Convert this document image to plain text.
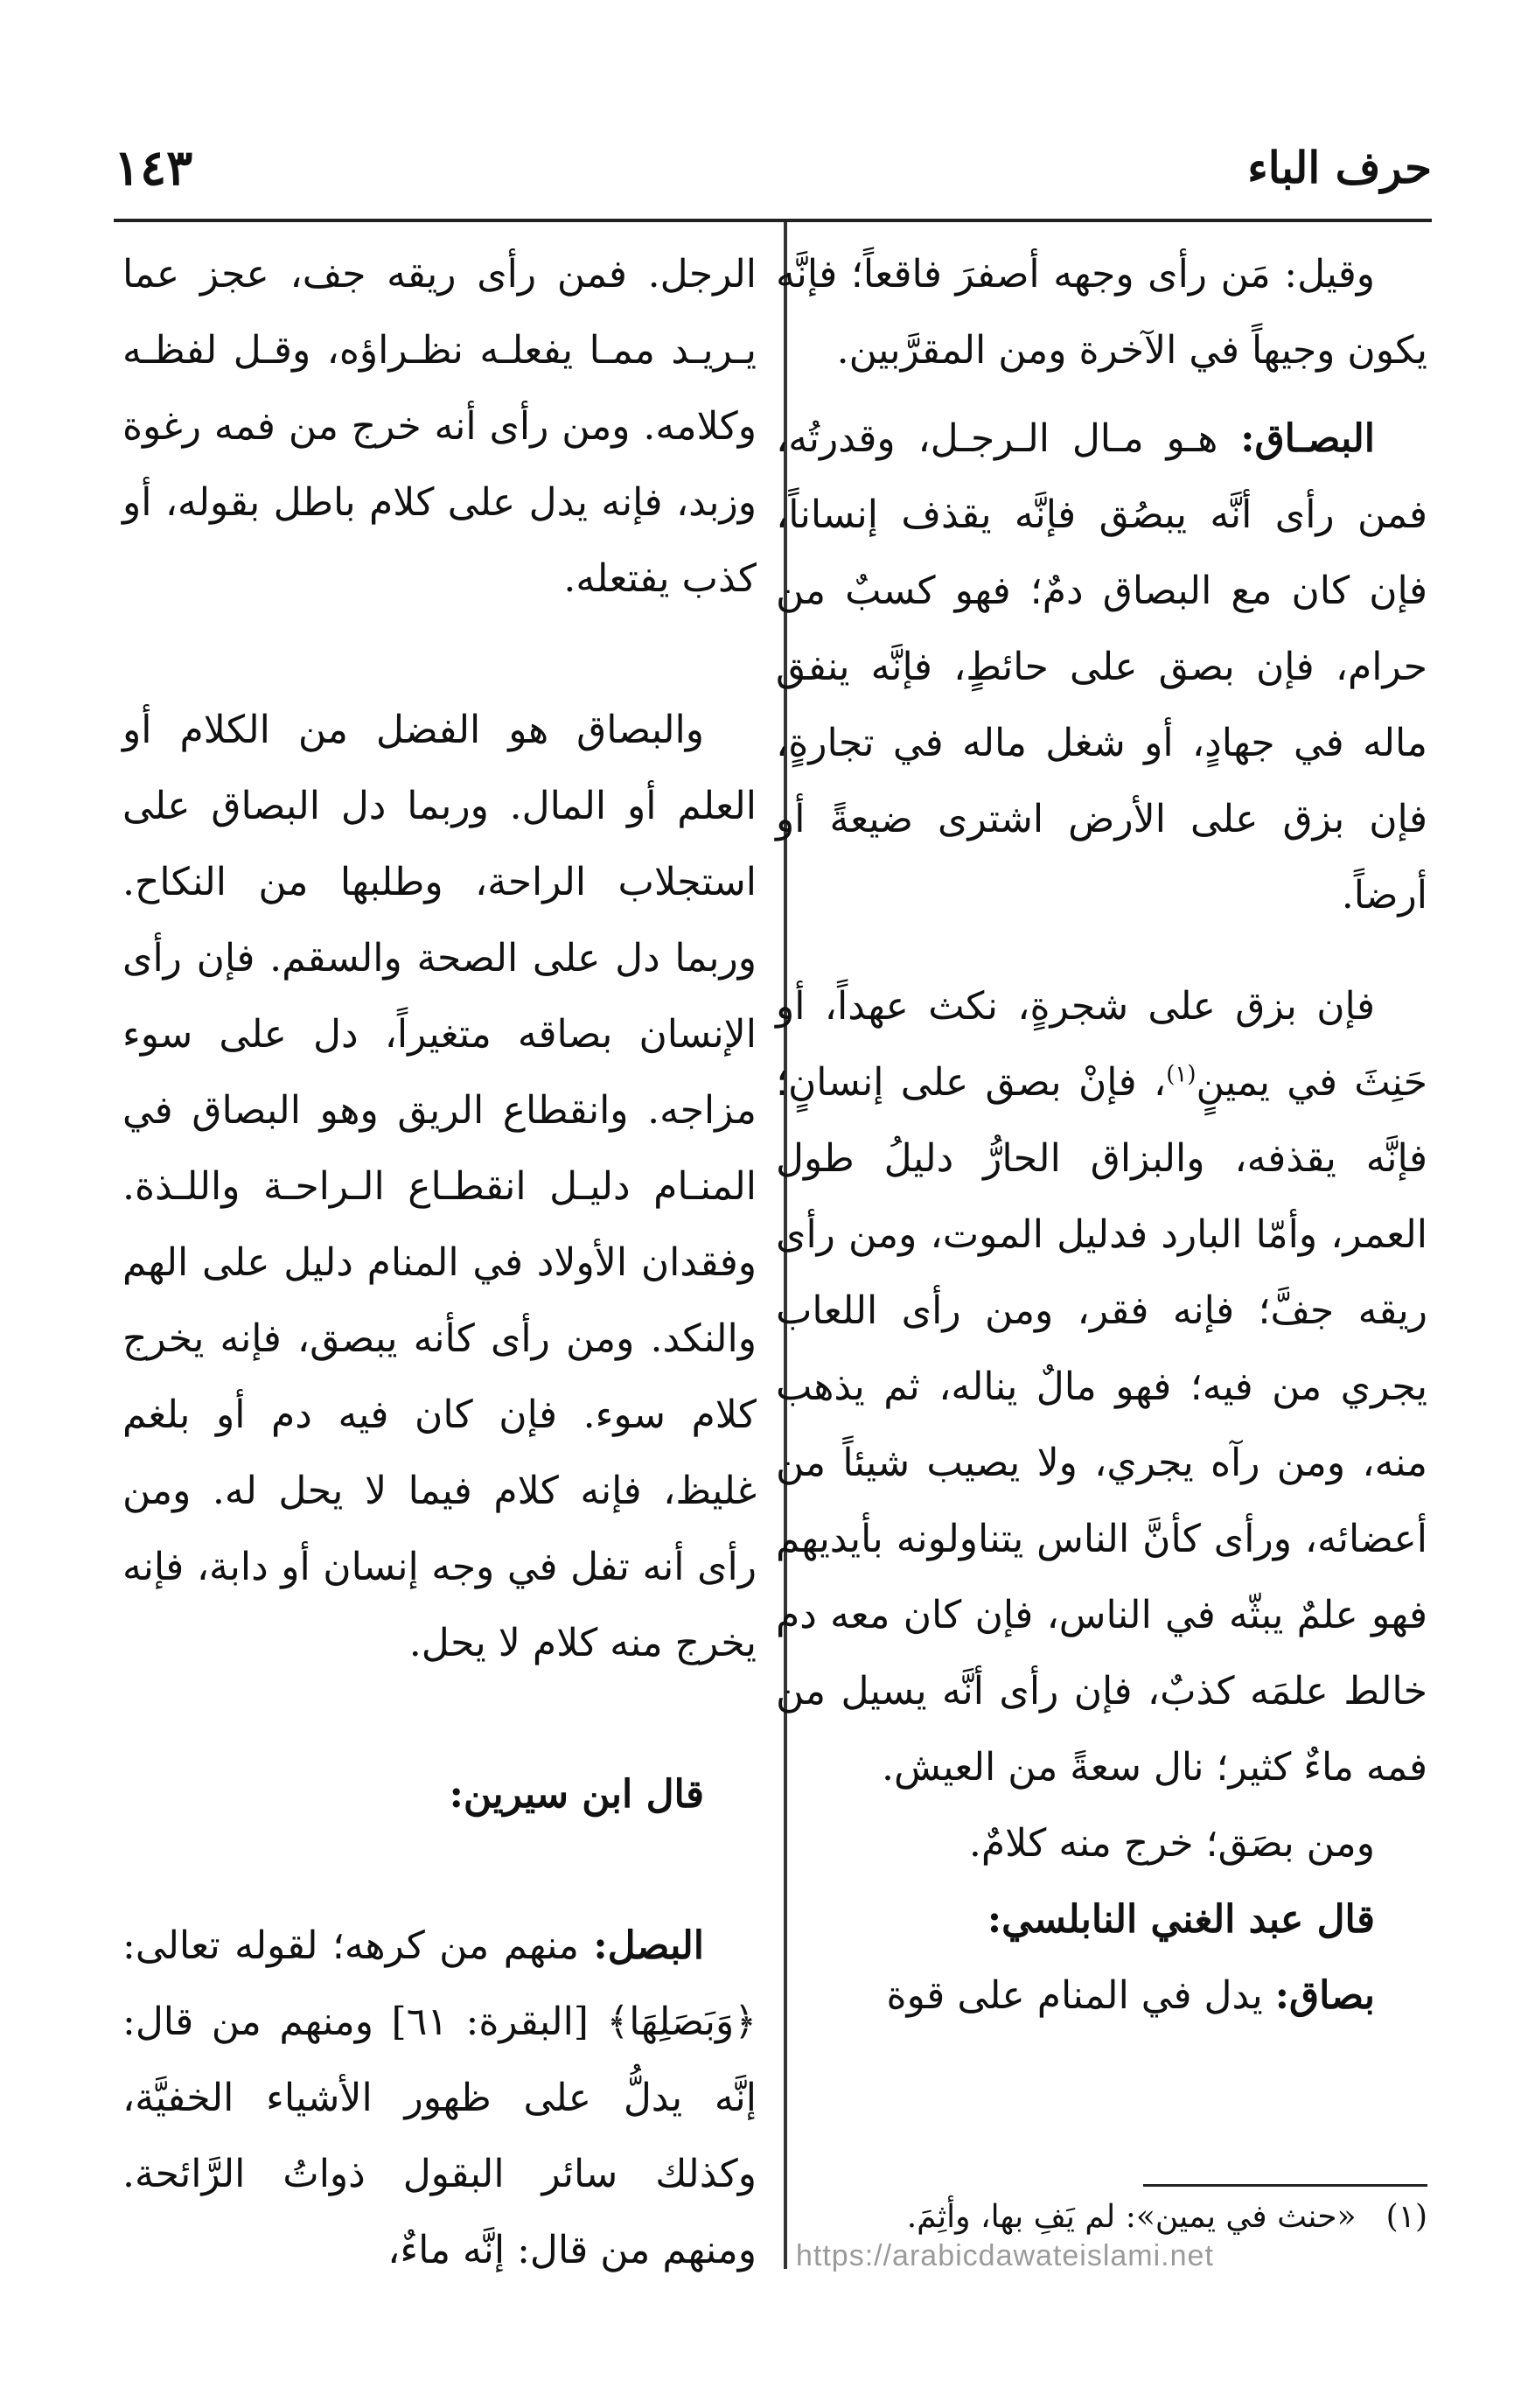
حرف الباء
١٤٣

وقيل: مَن رأى وجهه أصفرَ فاقعاً؛ فإنَّه يكون وجيهاً في الآخرة ومن المقرَّبين.

البصـاق: هـو مـال الـرجـل، وقدرتُه، فمن رأى أنَّه يبصُق فإنَّه يقذف إنساناً، فإن كان مع البصاق دمٌ؛ فهو كسبٌ من حرام، فإن بصق على حائطٍ، فإنَّه ينفق ماله في جهادٍ، أو شغل ماله في تجارةٍ، فإن بزق على الأرض اشترى ضيعةً أو أرضاً.

فإن بزق على شجرةٍ، نكث عهداً، أو حَنِثَ في يمينٍ$^{(١)}$، فإنْ بصق على إنسانٍ؛ فإنَّه يقذفه، والبزاق الحارُّ دليلُ طول العمر، وأمّا البارد فدليل الموت، ومن رأى ريقه جفَّ؛ فإنه فقر، ومن رأى اللعاب يجري من فيه؛ فهو مالٌ يناله، ثم يذهب منه، ومن رآه يجري، ولا يصيب شيئاً من أعضائه، ورأى كأنَّ الناس يتناولونه بأيديهم فهو علمٌ يبثّه في الناس، فإن كان معه دم خالط علمَه كذبٌ، فإن رأى أنَّه يسيل من فمه ماءٌ كثير؛ نال سعةً من العيش.

ومن بصَق؛ خرج منه كلامٌ.

قال عبد الغني النابلسي:

بصاق: يدل في المنام على قوة

الرجل. فمن رأى ريقه جف، عجز عما يـريـد ممـا يفعلـه نظـراؤه، وقـل لفظـه وكلامه. ومن رأى أنه خرج من فمه رغوة وزبد، فإنه يدل على كلام باطل بقوله، أو كذب يفتعله.

والبصاق هو الفضل من الكلام أو العلم أو المال. وربما دل البصاق على استجلاب الراحة، وطلبها من النكاح. وربما دل على الصحة والسقم. فإن رأى الإنسان بصاقه متغيراً، دل على سوء مزاجه. وانقطاع الريق وهو البصاق في المنـام دليـل انقطـاع الـراحـة واللـذة. وفقدان الأولاد في المنام دليل على الهم والنكد. ومن رأى كأنه يبصق، فإنه يخرج كلام سوء. فإن كان فيه دم أو بلغم غليظ، فإنه كلام فيما لا يحل له. ومن رأى أنه تفل في وجه إنسان أو دابة، فإنه يخرج منه كلام لا يحل.

قال ابن سيرين:

البصل: منهم من كرهه؛ لقوله تعالى: ﴿وَبَصَلِهَا﴾ [البقرة: ٦١] ومنهم من قال: إنَّه يدلُّ على ظهور الأشياء الخفيَّة، وكذلك سائر البقول ذواتُ الرَّائحة. ومنهم من قال: إنَّه ماءٌ،

(١)«حنث في يمين»: لم يَفِ بها، وأثِمَ.
https://arabicdawateislami.net
